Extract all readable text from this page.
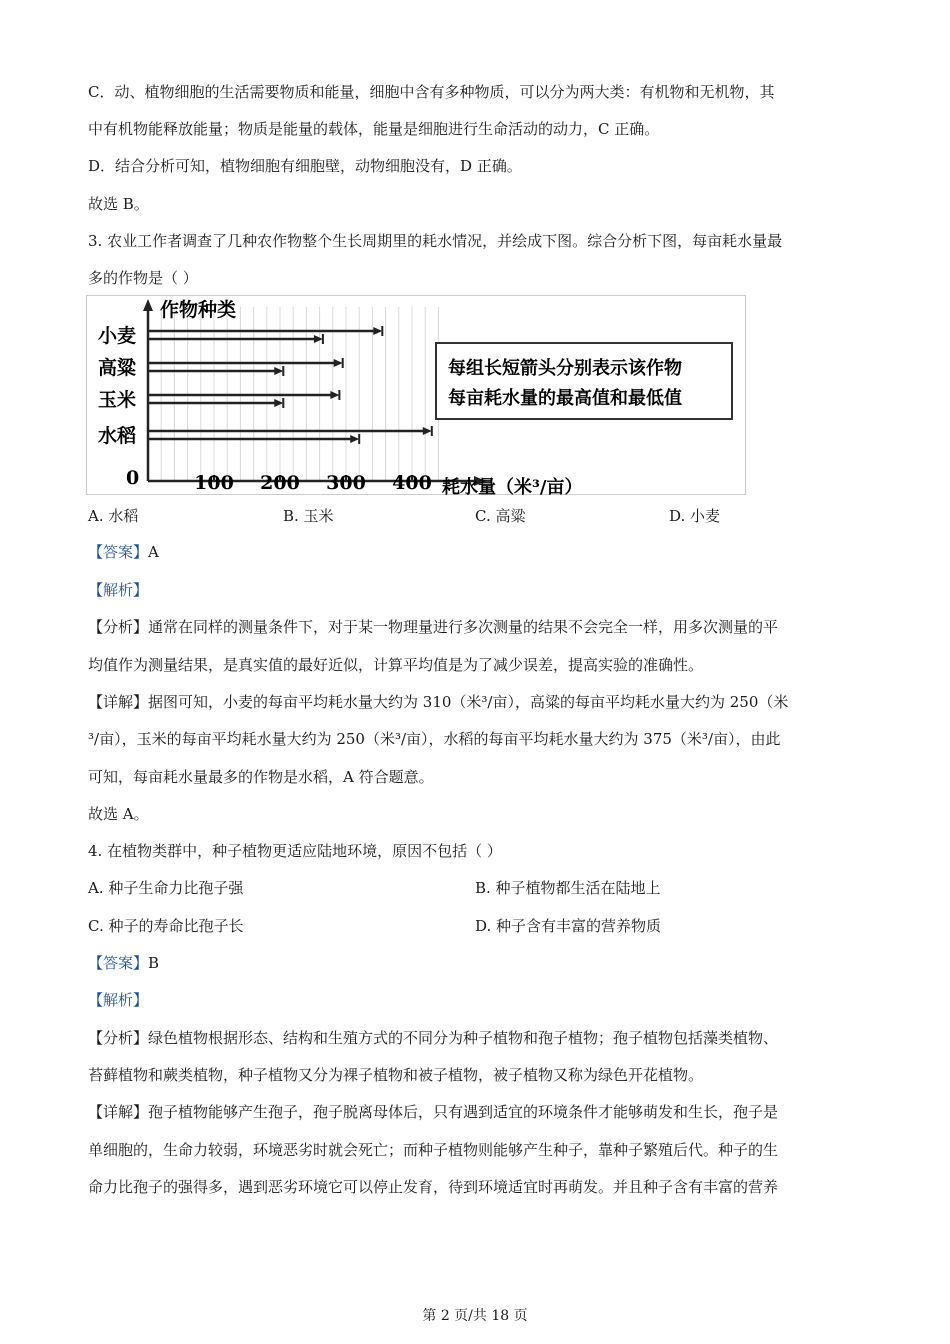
C．动、植物细胞的生活需要物质和能量，细胞中含有多种物质，可以分为两大类：有机物和无机物，其
中有机物能释放能量；物质是能量的载体，能量是细胞进行生命活动的动力，C 正确。
D．结合分析可知，植物细胞有细胞壁，动物细胞没有，D 正确。
故选 B。
3. 农业工作者调查了几种农作物整个生长周期里的耗水情况，并绘成下图。综合分析下图，每亩耗水量最
多的作物是（ ）
100 200 300 400
作物种类
耗水量（米³/亩）
0
小麦
高粱
玉米
水稻
每组长短箭头分别表示该作物
每亩耗水量的最高值和最低值
A. 水稻	B. 玉米	C. 高粱	D. 小麦
【答案】A
【解析】
【分析】通常在同样的测量条件下，对于某一物理量进行多次测量的结果不会完全一样，用多次测量的平
均值作为测量结果，是真实值的最好近似，计算平均值是为了减少误差，提高实验的准确性。
【详解】据图可知，小麦的每亩平均耗水量大约为 310（米³/亩），高粱的每亩平均耗水量大约为 250（米
³/亩），玉米的每亩平均耗水量大约为 250（米³/亩），水稻的每亩平均耗水量大约为 375（米³/亩），由此
可知，每亩耗水量最多的作物是水稻，A 符合题意。
故选 A。
4. 在植物类群中，种子植物更适应陆地环境，原因不包括（ ）
A. 种子生命力比孢子强	B. 种子植物都生活在陆地上
C. 种子的寿命比孢子长	D. 种子含有丰富的营养物质
【答案】B
【解析】
【分析】绿色植物根据形态、结构和生殖方式的不同分为种子植物和孢子植物；孢子植物包括藻类植物、
苔藓植物和蕨类植物，种子植物又分为裸子植物和被子植物，被子植物又称为绿色开花植物。
【详解】孢子植物能够产生孢子，孢子脱离母体后，只有遇到适宜的环境条件才能够萌发和生长，孢子是
单细胞的，生命力较弱，环境恶劣时就会死亡；而种子植物则能够产生种子，靠种子繁殖后代。种子的生
命力比孢子的强得多，遇到恶劣环境它可以停止发育，待到环境适宜时再萌发。并且种子含有丰富的营养
第 2 页/共 18 页
